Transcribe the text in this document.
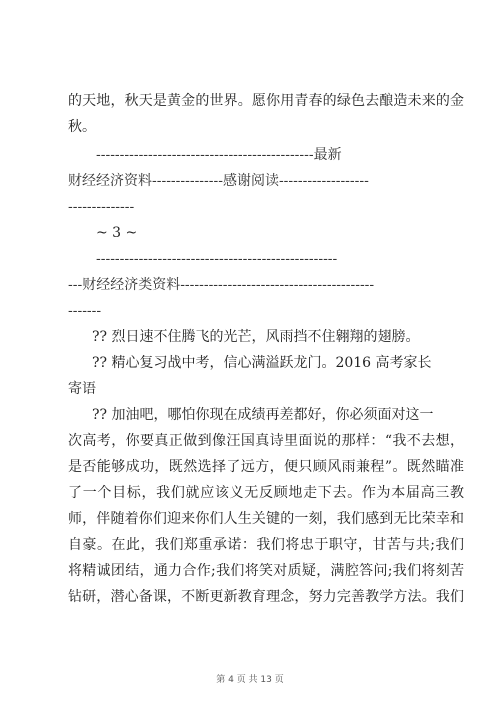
的天地，秋天是黄金的世界。愿你用青春的绿色去酿造未来的金
秋。
----------------------------------------------最新
财经经济资料---------------感谢阅读-------------------
--------------
~ 3 ~
---------------------------------------------------
---财经经济类资料-----------------------------------------
-------
?? 烈日速不住腾飞的光芒，风雨挡不住翱翔的翅膀。
?? 精心复习战中考，信心满溢跃龙门。2016 高考家长
寄语
?? 加油吧，哪怕你现在成绩再差都好，你必须面对这一
次高考，你要真正做到像汪国真诗里面说的那样：“我不去想，
是否能够成功，既然选择了远方，便只顾风雨兼程”。既然瞄准
了一个目标，我们就应该义无反顾地走下去。作为本届高三教
师，伴随着你们迎来你们人生关键的一刻，我们感到无比荣幸和
自豪。在此，我们郑重承诺：我们将忠于职守，甘苦与共;我们
将精诚团结，通力合作;我们将笑对质疑，满腔答问;我们将刻苦
钻研，潜心备课，不断更新教育理念，努力完善教学方法。我们
第 4 页 共 13 页
